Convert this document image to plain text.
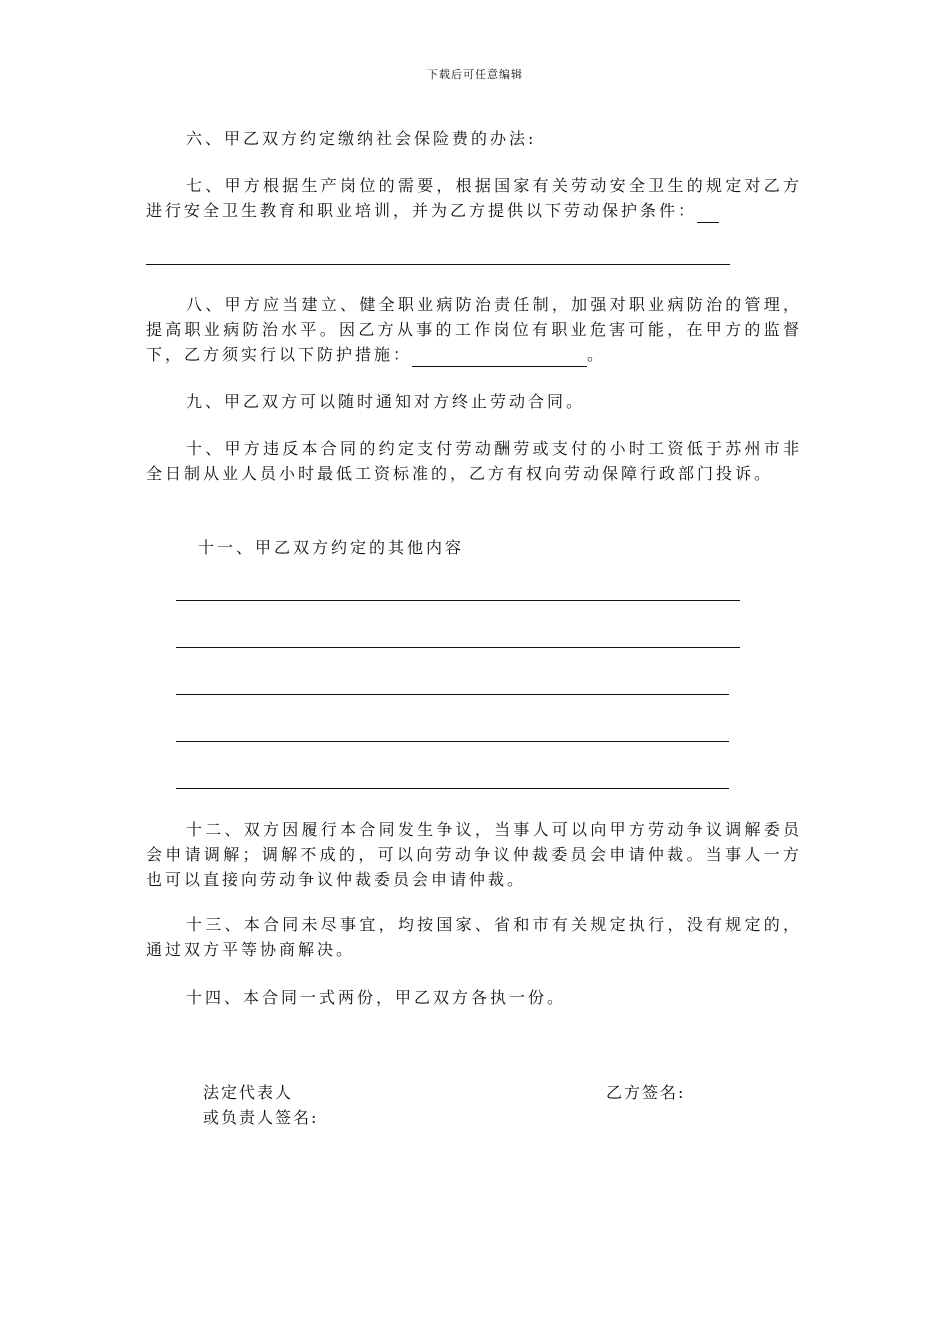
下载后可任意编辑

六、甲乙双方约定缴纳社会保险费的办法:

七、甲方根据生产岗位的需要，根据国家有关劳动安全卫生的规定对乙方进行安全卫生教育和职业培训，并为乙方提供以下劳动保护条件：

八、甲方应当建立、健全职业病防治责任制，加强对职业病防治的管理，提高职业病防治水平。因乙方从事的工作岗位有职业危害可能，在甲方的监督下，乙方须实行以下防护措施：	。

九、甲乙双方可以随时通知对方终止劳动合同。

十、甲方违反本合同的约定支付劳动酬劳或支付的小时工资低于苏州市非全日制从业人员小时最低工资标准的，乙方有权向劳动保障行政部门投诉。

十一、甲乙双方约定的其他内容

十二、双方因履行本合同发生争议，当事人可以向甲方劳动争议调解委员会申请调解；调解不成的，可以向劳动争议仲裁委员会申请仲裁。当事人一方也可以直接向劳动争议仲裁委员会申请仲裁。

十三、本合同未尽事宜，均按国家、省和市有关规定执行，没有规定的，通过双方平等协商解决。

十四、本合同一式两份，甲乙双方各执一份。

法定代表人
或负责人签名:
乙方签名:
